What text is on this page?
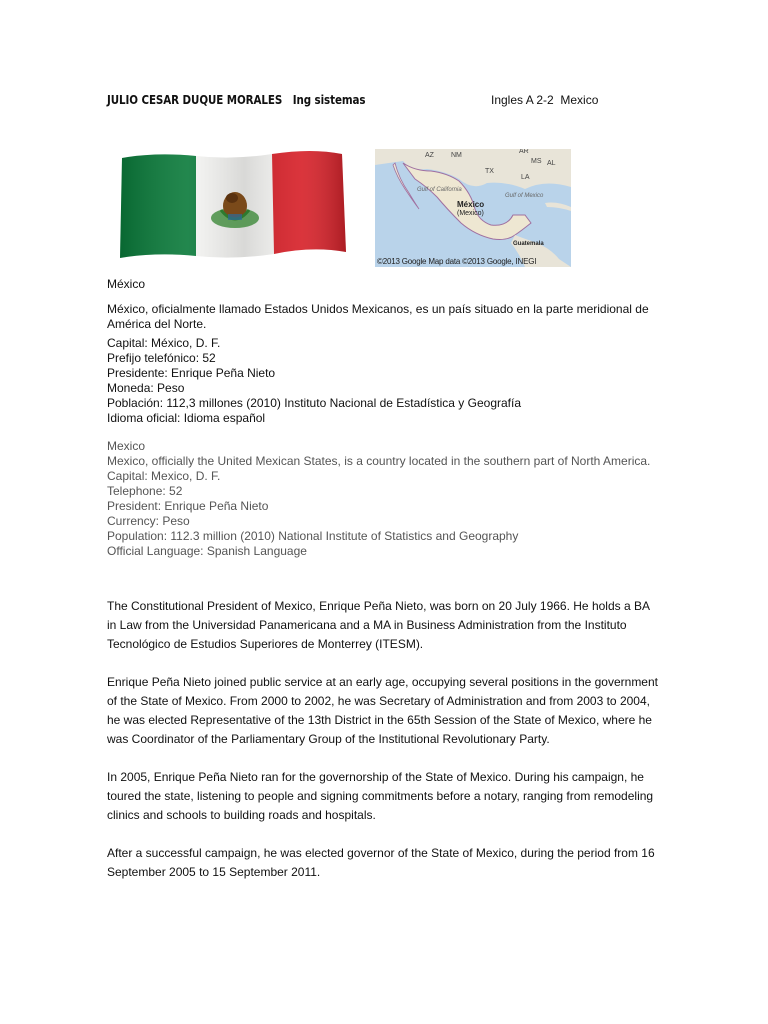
JULIO CESAR DUQUE MORALES   Ing sistemas	Ingles A 2-2  Mexico
AZ NM
AR
MS AL
TX
LA
Gulf of California
Gulf of Mexico
México
(Mexico)
Guatemala
©2013 Google Map data ©2013 Google, INEGI
México

México, oficialmente llamado Estados Unidos Mexicanos, es un país situado en la parte meridional de América del Norte.

Capital: México, D. F.

Prefijo telefónico: 52

Presidente: Enrique Peña Nieto

Moneda: Peso

Población: 112,3 millones (2010) Instituto Nacional de Estadística y Geografía

Idioma oficial: Idioma español

Mexico

Mexico, officially the United Mexican States, is a country located in the southern part of North America.

Capital: Mexico, D. F.

Telephone: 52

President: Enrique Peña Nieto

Currency: Peso

Population: 112.3 million (2010) National Institute of Statistics and Geography

Official Language: Spanish Language

The Constitutional President of Mexico, Enrique Peña Nieto, was born on 20 July 1966. He holds a BA in Law from the Universidad Panamericana and a MA in Business Administration from the Instituto Tecnológico de Estudios Superiores de Monterrey (ITESM).

Enrique Peña Nieto joined public service at an early age, occupying several positions in the government of the State of Mexico. From 2000 to 2002, he was Secretary of Administration and from 2003 to 2004, he was elected Representative of the 13th District in the 65th Session of the State of Mexico, where he was Coordinator of the Parliamentary Group of the Institutional Revolutionary Party.

In 2005, Enrique Peña Nieto ran for the governorship of the State of Mexico. During his campaign, he toured the state, listening to people and signing commitments before a notary, ranging from remodeling clinics and schools to building roads and hospitals.

After a successful campaign, he was elected governor of the State of Mexico, during the period from 16 September 2005 to 15 September 2011.
